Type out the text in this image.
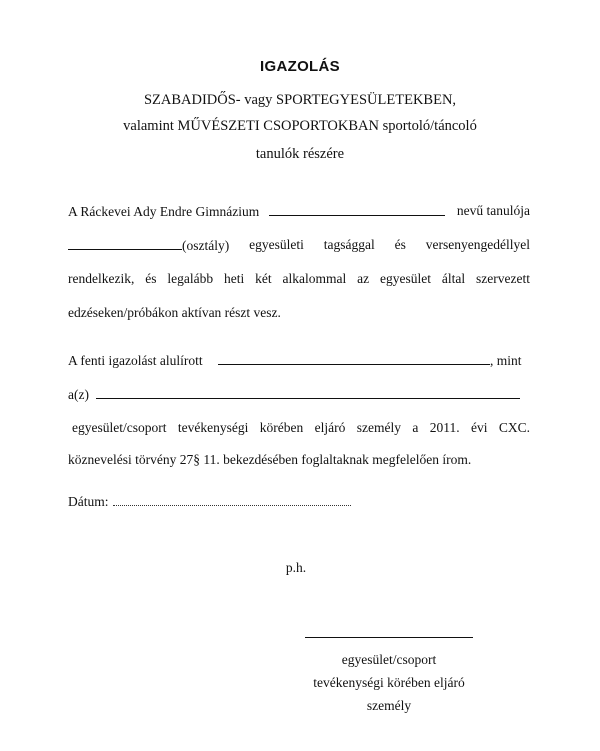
IGAZOLÁS
SZABADIDŐS- vagy SPORTEGYESÜLETEKBEN,
valamint MŰVÉSZETI CSOPORTOKBAN sportoló/táncoló
tanulók részére
A Ráckevei Ady Endre Gimnázium	nevű tanulója
(osztály) egyesületi tagsággal és versenyengedéllyel
rendelkezik, és legalább heti két alkalommal az egyesület által szervezett
edzéseken/próbákon aktívan részt vesz.
A fenti igazolást alulírott	, mint
a(z)
egyesület/csoport tevékenységi körében eljáró személy a 2011. évi CXC.
köznevelési törvény 27§ 11. bekezdésében foglaltaknak megfelelően írom.
Dátum:
p.h.
egyesület/csoport
tevékenységi körében eljáró
személy
